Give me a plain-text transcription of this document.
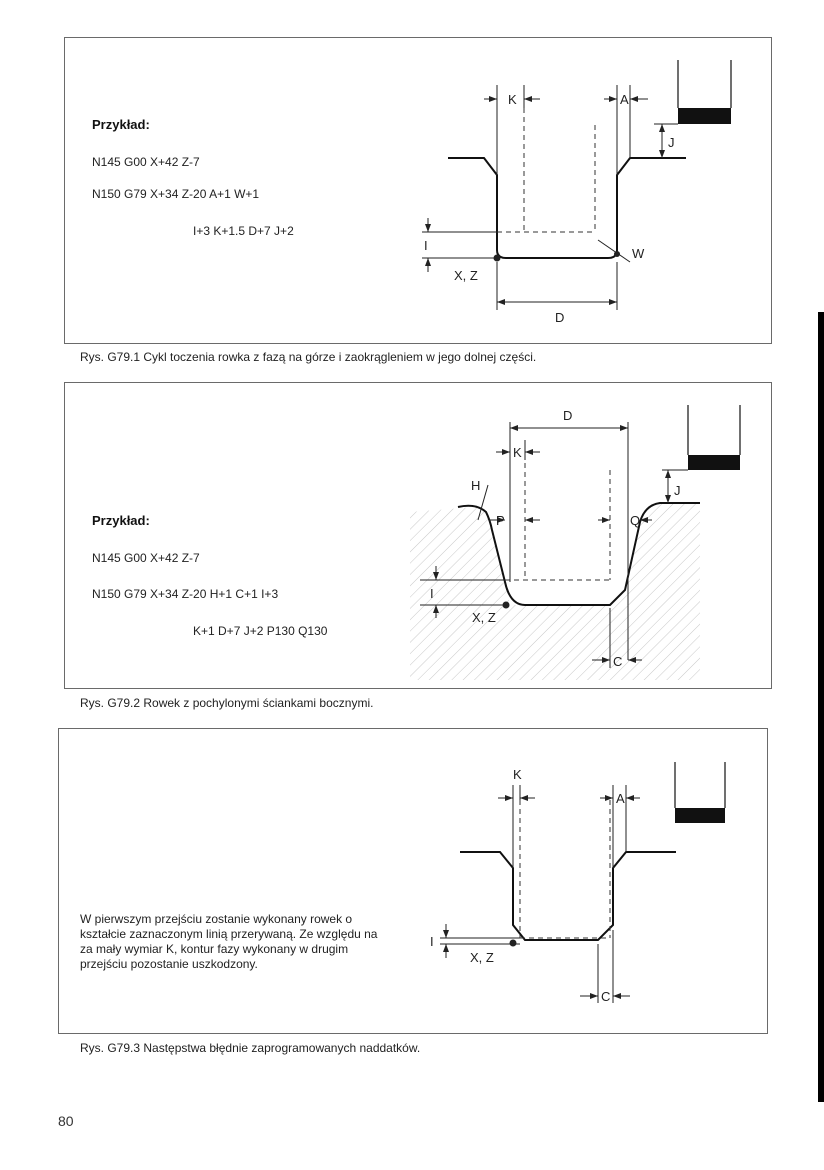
Przykład:
N145 G00 X+42 Z-7
N150 G79 X+34 Z-20 A+1 W+1
I+3 K+1.5 D+7 J+2
K	A
J
W
I
X, Z
D
Rys. G79.1 Cykl toczenia rowka z fazą na górze i zaokrągleniem w jego dolnej części.
Przykład:
N145 G00 X+42 Z-7
N150 G79 X+34 Z-20 H+1 C+1 I+3
K+1 D+7 J+2 P130 Q130
D
K
H	J
P	Q
I
X, Z
C
Rys. G79.2 Rowek z pochylonymi ściankami bocznymi.
W pierwszym przejściu zostanie wykonany rowek o kształcie zaznaczonym linią przerywaną. Ze względu na za mały wymiar K, kontur fazy wykonany w drugim przejściu pozostanie uszkodzony.
K
A
I
X, Z
C
Rys. G79.3 Następstwa błędnie zaprogramowanych naddatków.
80
